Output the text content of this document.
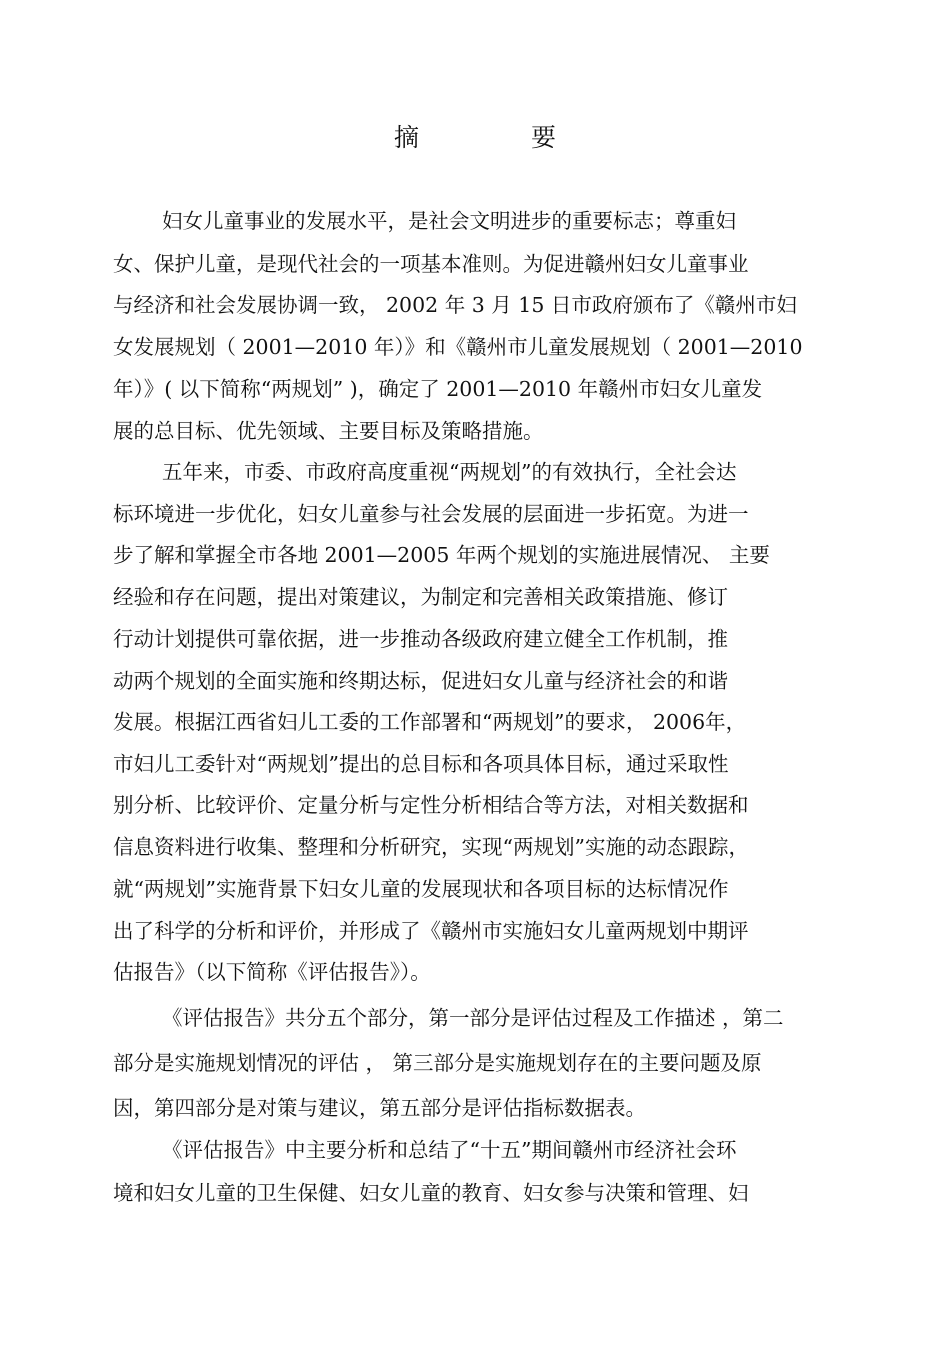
摘 要
妇女儿童事业的发展水平，是社会文明进步的重要标志；尊重妇
女、保护儿童，是现代社会的一项基本准则。为促进赣州妇女儿童事业
与经济和社会发展协调一致， 2002 年 3 月 15 日市政府颁布了《赣州市妇
女发展规划（ 2001—2010 年）》和《赣州市儿童发展规划（ 2001—2010
年）》( 以下简称“两规划” )，确定了 2001—2010 年赣州市妇女儿童发
展的总目标、优先领域、主要目标及策略措施。
五年来，市委、市政府高度重视“两规划”的有效执行，全社会达
标环境进一步优化，妇女儿童参与社会发展的层面进一步拓宽。为进一
步了解和掌握全市各地 2001—2005 年两个规划的实施进展情况、 主要
经验和存在问题，提出对策建议，为制定和完善相关政策措施、修订
行动计划提供可靠依据，进一步推动各级政府建立健全工作机制，推
动两个规划的全面实施和终期达标，促进妇女儿童与经济社会的和谐
发展。根据江西省妇儿工委的工作部署和“两规划”的要求， 2006年，
市妇儿工委针对“两规划”提出的总目标和各项具体目标，通过采取性
别分析、比较评价、定量分析与定性分析相结合等方法，对相关数据和
信息资料进行收集、整理和分析研究，实现“两规划”实施的动态跟踪，
就“两规划”实施背景下妇女儿童的发展现状和各项目标的达标情况作
出了科学的分析和评价，并形成了《赣州市实施妇女儿童两规划中期评
估报告》（以下简称《评估报告》）。
《评估报告》共分五个部分，第一部分是评估过程及工作描述 ，第二
部分是实施规划情况的评估 ， 第三部分是实施规划存在的主要问题及原
因，第四部分是对策与建议，第五部分是评估指标数据表。
《评估报告》中主要分析和总结了“十五”期间赣州市经济社会环
境和妇女儿童的卫生保健、妇女儿童的教育、妇女参与决策和管理、妇
